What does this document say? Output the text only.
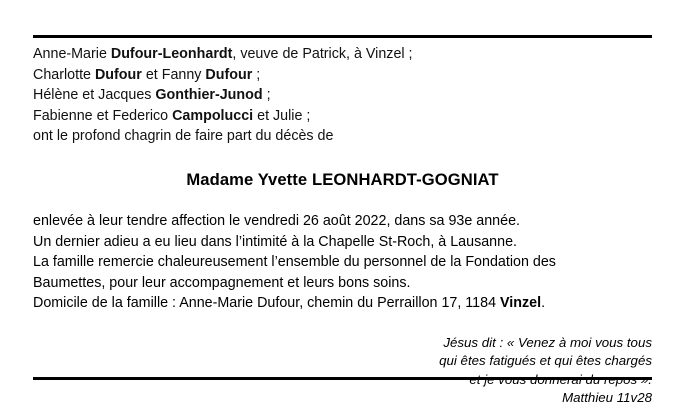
Anne-Marie Dufour-Leonhardt, veuve de Patrick, à Vinzel ;
Charlotte Dufour et Fanny Dufour ;
Hélène et Jacques Gonthier-Junod ;
Fabienne et Federico Campolucci et Julie ;
ont le profond chagrin de faire part du décès de
Madame Yvette LEONHARDT-GOGNIAT
enlevée à leur tendre affection le vendredi 26 août 2022, dans sa 93e année.
Un dernier adieu a eu lieu dans l’intimité à la Chapelle St-Roch, à Lausanne.
La famille remercie chaleureusement l’ensemble du personnel de la Fondation des
Baumettes, pour leur accompagnement et leurs bons soins.
Domicile de la famille : Anne-Marie Dufour, chemin du Perraillon 17, 1184 Vinzel.
Jésus dit : « Venez à moi vous tous
qui êtes fatigués et qui êtes chargés
Matthieu 11v28
